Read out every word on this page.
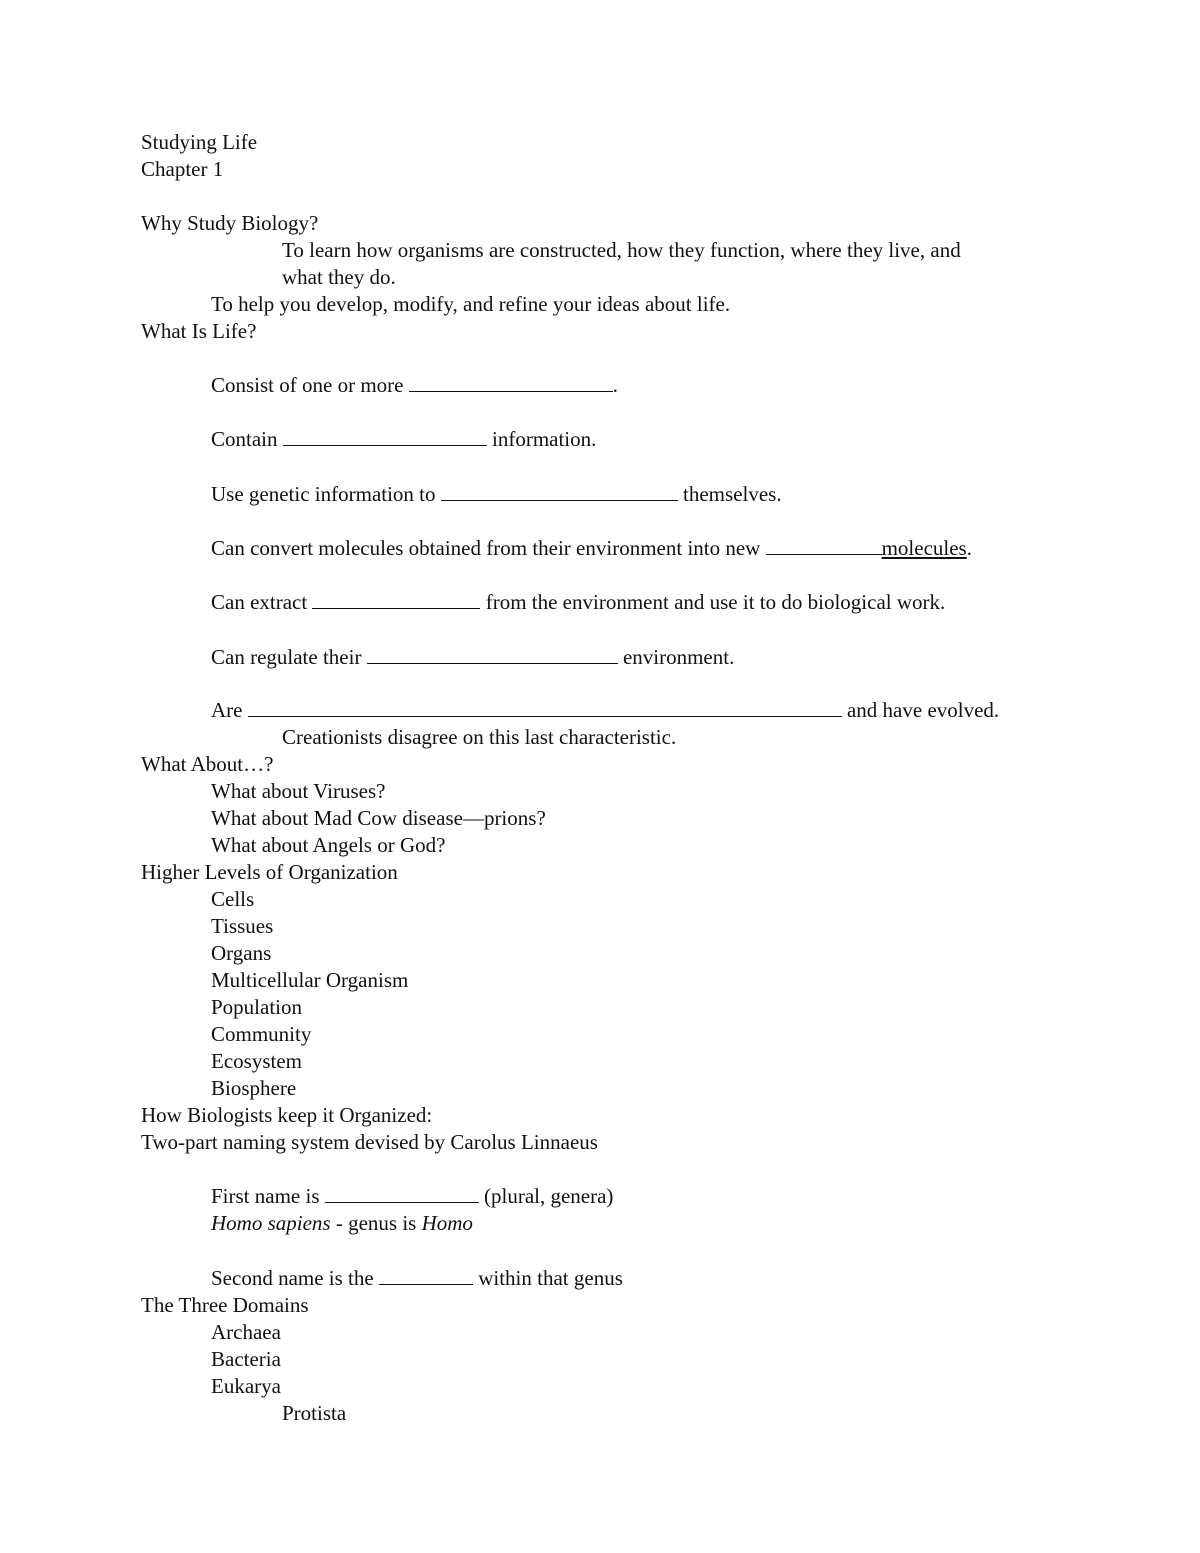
Studying Life
Chapter 1
Why Study Biology?
To learn how organisms are constructed, how they function, where they live, and
what they do.
To help you develop, modify, and refine your ideas about life.
What Is Life?
Consist of one or more	.
Contain	information.
Use genetic information to	themselves.
Can convert molecules obtained from their environment into new	molecules.
Can extract	from the environment and use it to do biological work.
Can regulate their	environment.
Are	and have evolved.
Creationists disagree on this last characteristic.
What About…?
What about Viruses?
What about Mad Cow disease—prions?
What about Angels or God?
Higher Levels of Organization
Cells
Tissues
Organs
Multicellular Organism
Population
Community
Ecosystem
Biosphere
How Biologists keep it Organized:
Two-part naming system devised by Carolus Linnaeus
First name is	(plural, genera)
Homo sapiens - genus is Homo
Second name is the	within that genus
The Three Domains
Archaea
Bacteria
Eukarya
Protista
